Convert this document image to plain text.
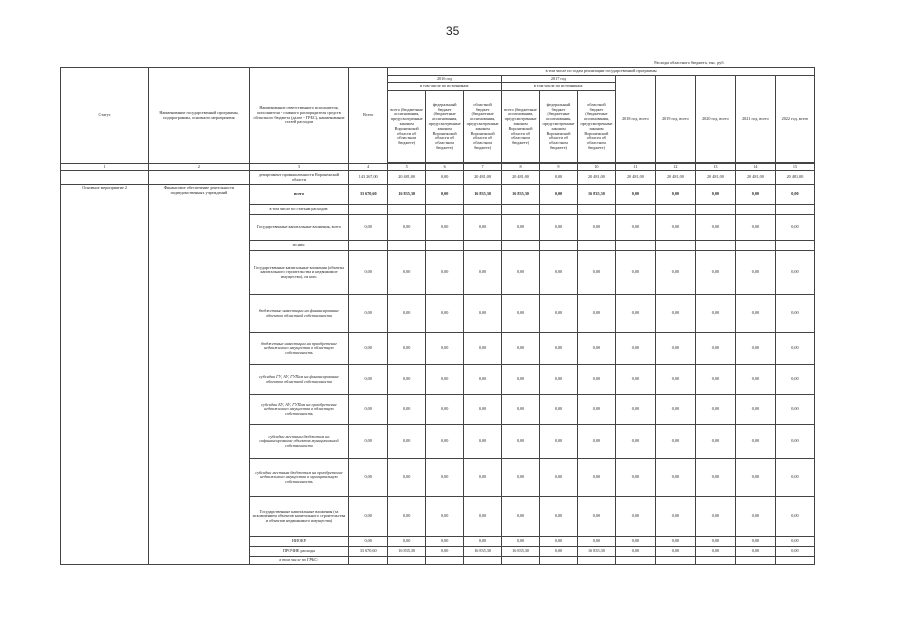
35
				Расходы областного бюджета, тыс. руб.										
Статус	Наименование государственной программы, подпрограммы, основного мероприятия	Наименование ответственного исполнителя, исполнителя - главного распорядителя средств областного бюджета (далее - ГРБС), наименование статей расходов	Всего	в том числе по годам реализации государственной программы										
				2016 год			2017 год			2018 год, всего	2019 год, всего	2020 год, всего	2021 год, всего	2022 год, всего
				в том числе по источникам:			в том числе по источникам:							
				всего (бюджетные ассигнования, предусмотренные законом Воронежской области об областном бюджете)	федеральный бюджет (бюджетные ассигнования, предусмотренные законом Воронежской области об областном бюджете)	областной бюджет (бюджетные ассигнования, предусмотренные законом Воронежской области об областном бюджете)	всего (бюджетные ассигнования, предусмотренные законом Воронежской области об областном бюджете)	федеральный бюджет (бюджетные ассигнования, предусмотренные законом Воронежской области об областном бюджете)	областной бюджет (бюджетные ассигнования, предусмотренные законом Воронежской области об областном бюджете)					

1	2	3	4	5	6	7	8	9	10	11	12	13	14	15
		департамент промышленности Воронежской области	143 267,00	20 481,00	0,00	20 481,00	20 481,00	0,00	20 481,00	20 481,00	20 481,00	20 481,00	20 481,00	20 481,00
Основное мероприятие 2	Финансовое обеспечение деятельности подведомственных учреждений	всего	33 670,60	16 835,30	0,00	16 835,30	16 835,30	0,00	16 835,30	0,00	0,00	0,00	0,00	0,00
		в том числе по статьям расходов:												
		Государственные капитальные вложения, всего	0,00	0,00	0,00	0,00	0,00	0,00	0,00	0,00	0,00	0,00	0,00	0,00
		из них:												
		Государственные капитальные вложения (объекты капитального строительства и недвижимое имущество), из них:	0,00	0,00	0,00	0,00	0,00	0,00	0,00	0,00	0,00	0,00	0,00	0,00
		бюджетные инвестиции на финансирование объектов областной собственности	0,00	0,00	0,00	0,00	0,00	0,00	0,00	0,00	0,00	0,00	0,00	0,00
		бюджетные инвестиции на приобретение недвижимого имущества в областную собственность	0,00	0,00	0,00	0,00	0,00	0,00	0,00	0,00	0,00	0,00	0,00	0,00
		субсидии ГУ, АУ, ГУПам на финансирование объектов областной собственности	0,00	0,00	0,00	0,00	0,00	0,00	0,00	0,00	0,00	0,00	0,00	0,00
		субсидии БУ, АУ, ГУПам на приобретение недвижимого имущества в областную собственность	0,00	0,00	0,00	0,00	0,00	0,00	0,00	0,00	0,00	0,00	0,00	0,00
		субсидии местным бюджетам на софинансирование объектов муниципальной собственности	0,00	0,00	0,00	0,00	0,00	0,00	0,00	0,00	0,00	0,00	0,00	0,00
		субсидии местным бюджетам на приобретение недвижимого имущества в муниципальную собственность	0,00	0,00	0,00	0,00	0,00	0,00	0,00	0,00	0,00	0,00	0,00	0,00
		Государственные капитальные вложения (за исключением объектов капитального строительства и объектов недвижимого имущества)	0,00	0,00	0,00	0,00	0,00	0,00	0,00	0,00	0,00	0,00	0,00	0,00
		НИОКР	0,00	0,00	0,00	0,00	0,00	0,00	0,00	0,00	0,00	0,00	0,00	0,00
		ПРОЧИЕ расходы	33 670,60	16 835,30	0,00	16 835,30	16 835,30	0,00	16 835,30	0,00	0,00	0,00	0,00	0,00
		в том числе по ГРБС:												
